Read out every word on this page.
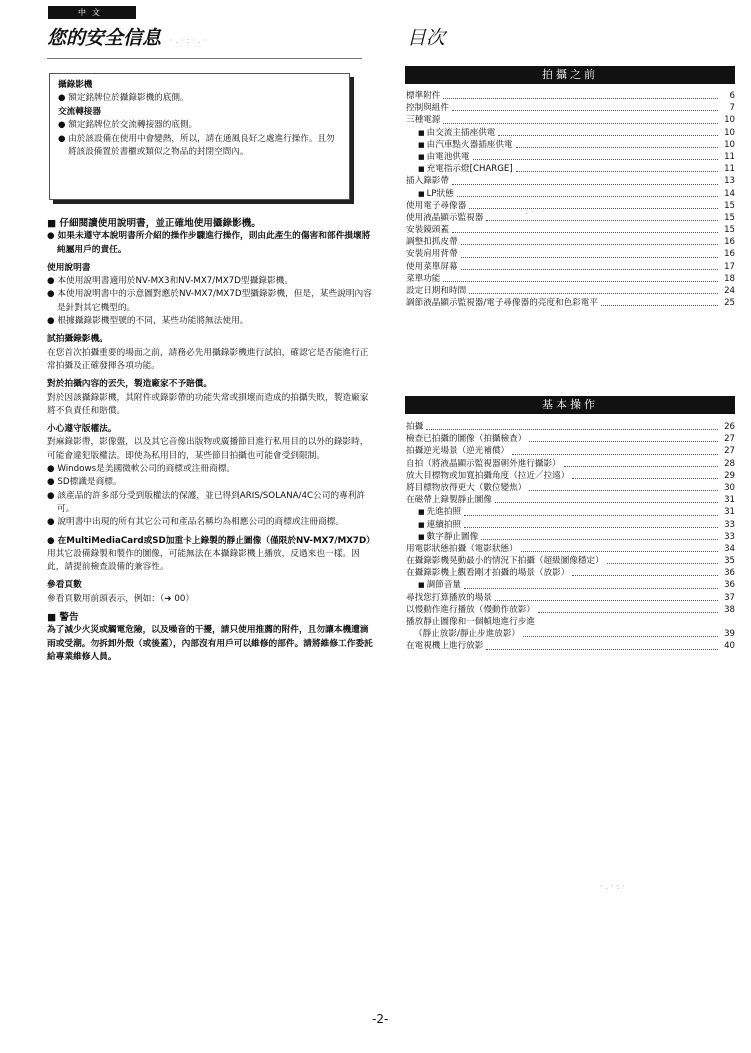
中文
您的安全信息	目次
攝錄影機
● 額定銘牌位於攝錄影機的底側。
交流轉接器
● 額定銘牌位於交流轉接器的底側。
● 由於該設備在使用中會變熱，所以，請在通風良好之處進行操作。且勿將該設備置於書櫃或類似之物品的封閉空間內。
■ 仔細閱讀使用說明書，並正確地使用攝錄影機。
● 如果未遵守本說明書所介紹的操作步驟進行操作，則由此產生的傷害和部件損壞將純屬用戶的責任。
使用說明書
● 本使用說明書適用於NV-MX3和NV-MX7/MX7D型攝錄影機。
● 本使用說明書中的示意圖對應於NV-MX7/MX7D型攝錄影機，但是，某些說明內容是針對其它機型的。
● 根據攝錄影機型號的不同，某些功能將無法使用。
試拍攝錄影機。
在您首次拍攝重要的場面之前，請務必先用攝錄影機進行試拍，確認它是否能進行正常拍攝及正確發揮各項功能。
對於拍攝內容的丟失，製造廠家不予賠償。
對於因該攝錄影機，其附件或錄影帶的功能失常或損壞而造成的拍攝失敗，製造廠家將不負責任和賠償。
小心遵守版權法。
對麻錄影帶，影像盤，以及其它音像出版物或廣播節目進行私用目的以外的錄影時，可能會違犯版權法。即使為私用目的，某些節目拍攝也可能會受到限制。
● Windows是美國微軟公司的商標或注冊商標。
● SD標識是商標。
● 該產品的許多部分受到版權法的保護，並已得到ARIS/SOLANA/4C公司的專利許可。
● 說明書中出現的所有其它公司和產品名稱均為相應公司的商標或注冊商標。
● 在MultiMediaCard或SD加重卡上錄製的靜止圖像（僅限於NV-MX7/MX7D）
用其它設備錄製和製作的圖像，可能無法在本攝錄影機上播放，反過來也一樣。因此，請提前檢查設備的兼容性。
參看頁數
參看頁數用前頭表示，例如：（➜ 00）
■ 警告
為了減少火災或觸電危險，以及噪音的干擾，請只使用推薦的附件，且勿讓本機遭滴雨或受潮。勿拆卸外殼（或後蓋），內部沒有用戶可以維修的部件。請將維修工作委託給專業維修人員。
拍攝之前
標準附件	6
控制與組件	7
三種電源	10
■ 由交流主插座供電	10
■ 由汽車點火器插座供電	10
■ 由電池供電	11
■ 充電指示燈[CHARGE]	11
插入錄影帶	13
■ LP狀態	14
使用電子尋像器	15
使用液晶顯示監視器	15
安裝鏡頭蓋	15
調整扣抓皮帶	16
安裝肩用背帶	16
使用菜單屏幕	17
菜單功能	18
設定日期和時間	24
調節液晶顯示監視器/電子尋像器的亮度和色彩電平	25
基本操作
拍攝	26
檢查已拍攝的圖像（拍攝檢查）	27
拍攝逆光場景（逆光補償）	27
自拍（將液晶顯示監視器朝外進行攝影）	28
放大目標物或加寬拍攝角度（拉近／拉遠）	29
將目標物放得更大（數位變焦）	30
在磁帶上錄製靜止圖像	31
■ 先進拍照	31
■ 連續拍照	33
■ 數字靜止圖像	33
用電影狀態拍攝（電影狀態）	34
在攝錄影機晃動最小的情況下拍攝（超級圖像穩定）	35
在攝錄影機上觀看剛才拍攝的場景（放影）	36
■ 調節音量	36
尋找您打算播放的場景	37
以慢動作進行播放（慢動作放影）	38
播放靜止圖像和一個幀地進行步進
（靜止放影/靜止步進放影）	39
在電視機上進行放影	40
-2-
·.·:·.·
·:·.·
·.·:·
